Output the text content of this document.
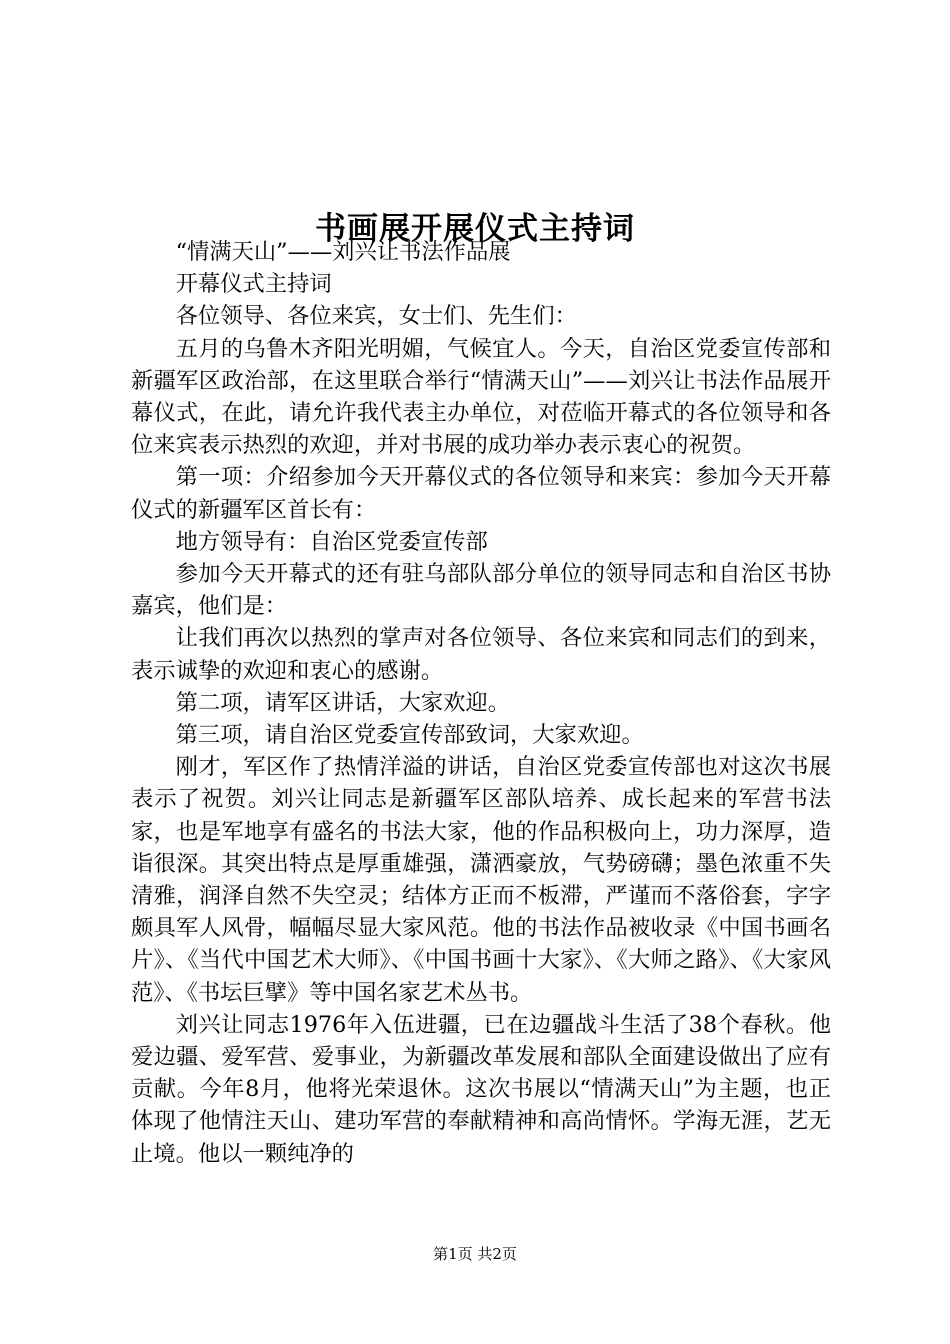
书画展开展仪式主持词

“情满天山”——刘兴让书法作品展

开幕仪式主持词

各位领导、各位来宾，女士们、先生们：

五月的乌鲁木齐阳光明媚，气候宜人。今天，自治区党委宣传部和新疆军区政治部，在这里联合举行“情满天山”——刘兴让书法作品展开幕仪式，在此，请允许我代表主办单位，对莅临开幕式的各位领导和各位来宾表示热烈的欢迎，并对书展的成功举办表示衷心的祝贺。

第一项：介绍参加今天开幕仪式的各位领导和来宾：参加今天开幕仪式的新疆军区首长有：

地方领导有：自治区党委宣传部

参加今天开幕式的还有驻乌部队部分单位的领导同志和自治区书协嘉宾，他们是：

让我们再次以热烈的掌声对各位领导、各位来宾和同志们的到来，表示诚挚的欢迎和衷心的感谢。

第二项，请军区讲话，大家欢迎。

第三项，请自治区党委宣传部致词，大家欢迎。

刚才，军区作了热情洋溢的讲话，自治区党委宣传部也对这次书展表示了祝贺。刘兴让同志是新疆军区部队培养、成长起来的军营书法家，也是军地享有盛名的书法大家，他的作品积极向上，功力深厚，造诣很深。其突出特点是厚重雄强，潇洒豪放，气势磅礴；墨色浓重不失清雅，润泽自然不失空灵；结体方正而不板滞，严谨而不落俗套，字字颇具军人风骨，幅幅尽显大家风范。他的书法作品被收录《中国书画名片》、《当代中国艺术大师》、《中国书画十大家》、《大师之路》、《大家风范》、《书坛巨擘》等中国名家艺术丛书。

刘兴让同志1976年入伍进疆，已在边疆战斗生活了38个春秋。他爱边疆、爱军营、爱事业，为新疆改革发展和部队全面建设做出了应有贡献。今年8月，他将光荣退休。这次书展以“情满天山”为主题，也正体现了他情注天山、建功军营的奉献精神和高尚情怀。学海无涯，艺无止境。他以一颗纯净的

第1页 共2页
